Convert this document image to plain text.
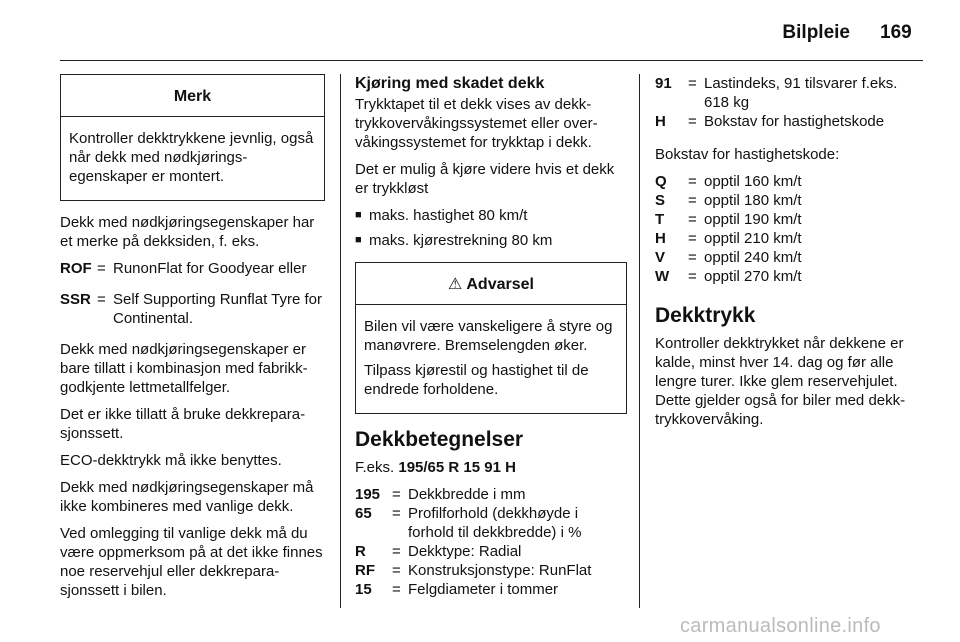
Bilpleie 169
Merk

Kontroller dekktrykkene jevnlig, også når dekk med nødkjøringsegenskaper er montert.

Dekk med nødkjøringsegenskaper har et merke på dekksiden, f. eks.

ROF = RunonFlat for Goodyear eller
SSR = Self Supporting Runflat Tyre for Continental.

Dekk med nødkjøringsegenskaper er bare tillatt i kombinasjon med fabrikkgodkjente lettmetallfelger.

Det er ikke tillatt å bruke dekkreparasjonssett.

ECO-dekktrykk må ikke benyttes.

Dekk med nødkjøringsegenskaper må ikke kombineres med vanlige dekk.

Ved omlegging til vanlige dekk må du være oppmerksom på at det ikke finnes noe reservehjul eller dekkreparasjonssett i bilen.

Kjøring med skadet dekk

Trykktapet til et dekk vises av dekktrykkovervåkingssystemet eller overvåkingssystemet for trykktap i dekk.

Det er mulig å kjøre videre hvis et dekk er trykkløst

■ maks. hastighet 80 km/t
■ maks. kjørestrekning 80 km
⚠ Advarsel

Bilen vil være vanskeligere å styre og manøvrere. Bremselengden øker.

Tilpass kjørestil og hastighet til de endrede forholdene.

Dekkbetegnelser

F.eks. 195/65 R 15 91 H

195 = Dekkbredde i mm
65	= Profilforhold (dekkhøyde i forhold til dekkbredde) i %
R	= Dekktype: Radial
RF	= Konstruksjonstype: RunFlat
15	= Felgdiameter i tommer
91	= Lastindeks, 91 tilsvarer f.eks. 618 kg
H	= Bokstav for hastighetskode

Bokstav for hastighetskode:

Q	= opptil 160 km/t
S	= opptil 180 km/t
T	= opptil 190 km/t
H	= opptil 210 km/t
V	= opptil 240 km/t
W	= opptil 270 km/t
Dekktrykk

Kontroller dekktrykket når dekkene er kalde, minst hver 14. dag og før alle lengre turer. Ikke glem reservehjulet. Dette gjelder også for biler med dekktrykkovervåking.

carmanualsonline.info
